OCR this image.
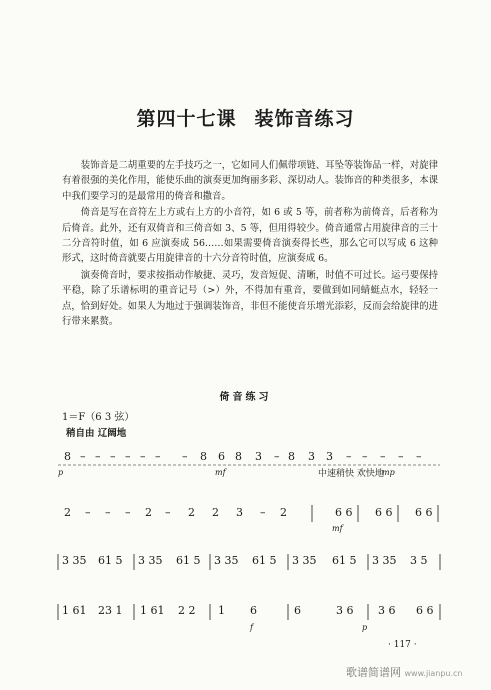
第四十七课 装饰音练习

装饰音是二胡重要的左手技巧之一，它如同人们佩带项链、耳坠等装饰品一样，对旋律有着很强的美化作用，能使乐曲的演奏更加绚丽多彩、深切动人。装饰音的种类很多，本课中我们要学习的是最常用的倚音和撒音。

倚音是写在音符左上方或右上方的小音符，如 6 或 5 等，前者称为前倚音，后者称为后倚音。此外，还有双倚音和三倚音如 3、5 等，但用得较少。倚音通常占用旋律音的三十二分音符时值，如 6 应演奏成 56……如果需要倚音演奏得长些，那么它可以写成 6 这种形式，这时倚音就要占用旋律音的十六分音符时值，应演奏成 6。

演奏倚音时，要求按指动作敏捷、灵巧，发音短促、清晰，时值不可过长。运弓要保持平稳，除了乐谱标明的重音记号（>）外，不得加有重音，要做到如同蜻蜓点水，轻轻一点，恰到好处。如果人为地过于强调装饰音，非但不能使音乐增光添彩，反而会给旋律的进行带来累赘。

倚音练习
1＝F（6 3 弦）
稍自由 辽阔地
中速稍快 欢快地
8 – – – – – – – 8 6 8 3 – 8 3 3 – – – – –
p	mf	mp
2 – – – 2 – 2 2 3 – 2	6 6 6 6 6 6
mf
3 35 61 5 3 35 61 5 3 35 61 5 3 35 61 5 3 35 3 5
1 61 23 1 1 61 2 2 1 6	6	3 6 3 6 6 6
f	p
· 117 ·
歌谱简谱网 www.jianpu.cn
